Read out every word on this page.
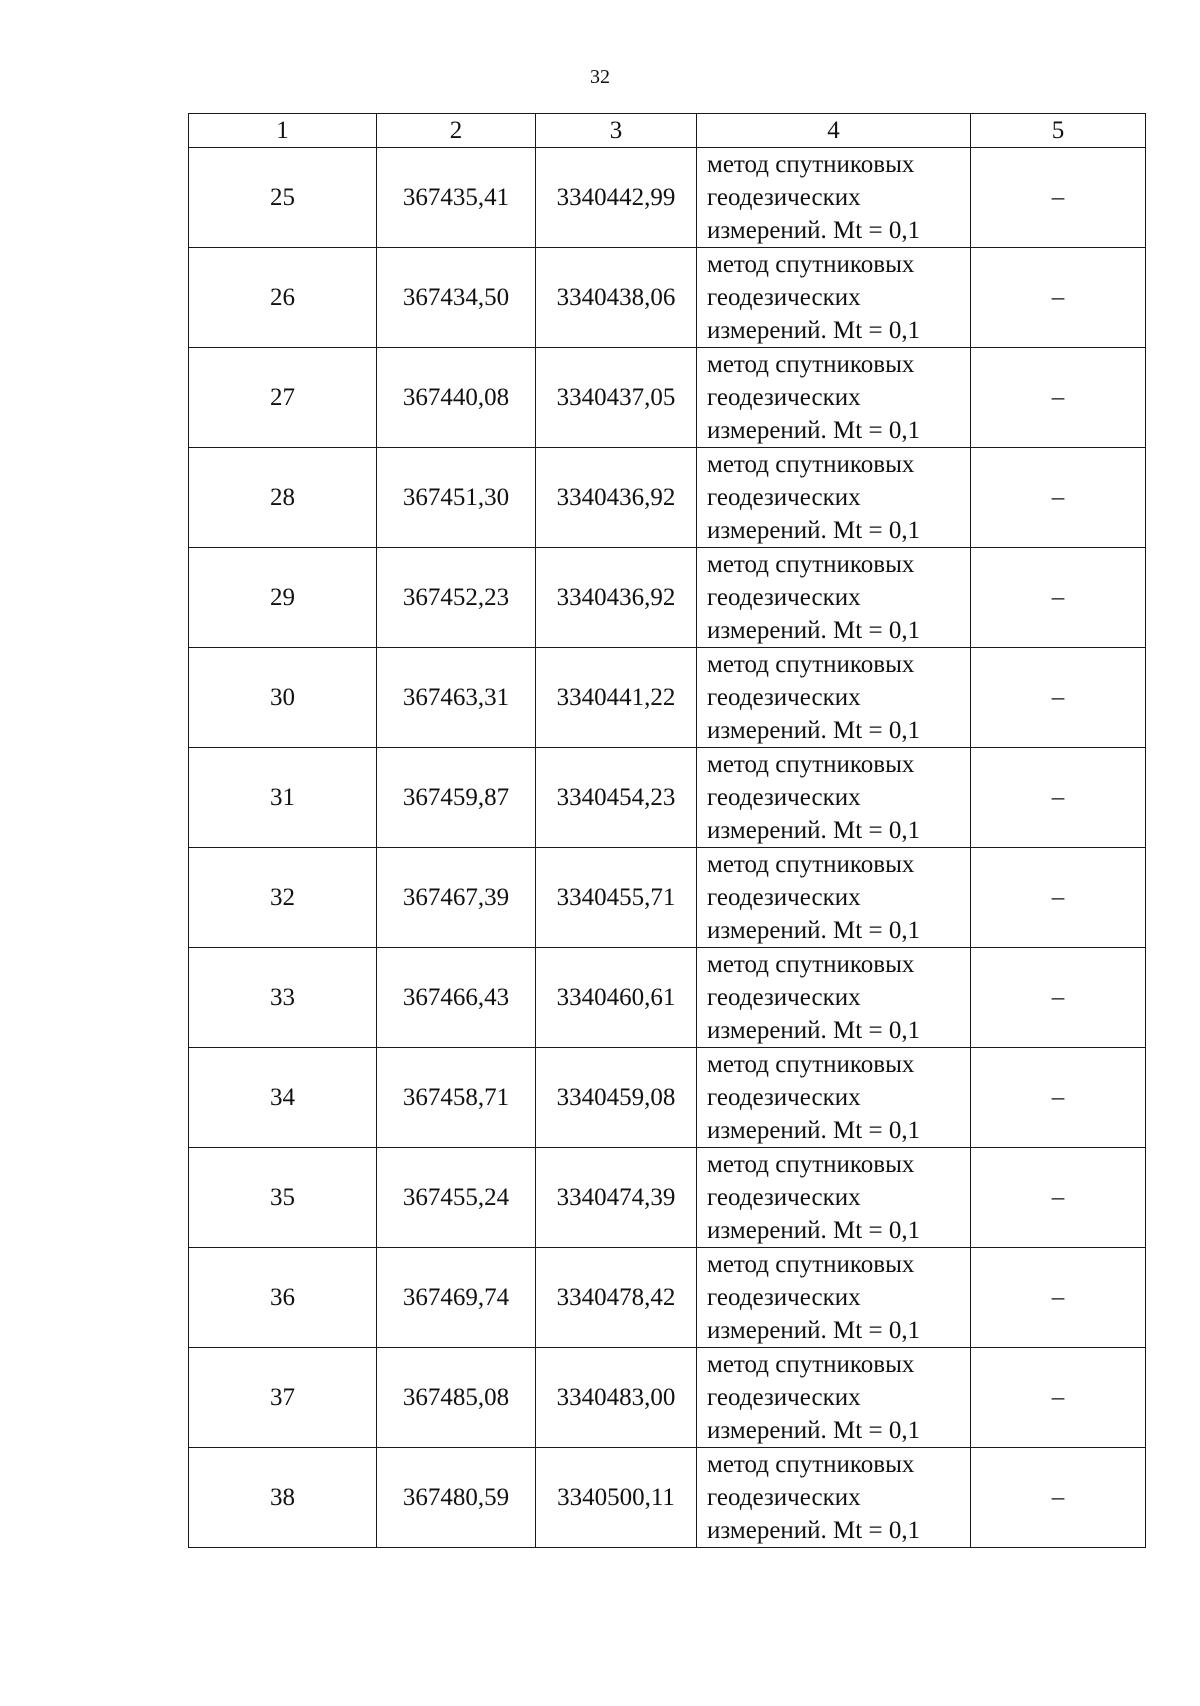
32
1	2	3	4	5
25	367435,41	3340442,99	метод спутниковых
геодезических
измерений. Mt = 0,1	–
26	367434,50	3340438,06	метод спутниковых
геодезических
измерений. Mt = 0,1	–
27	367440,08	3340437,05	метод спутниковых
геодезических
измерений. Mt = 0,1	–
28	367451,30	3340436,92	метод спутниковых
геодезических
измерений. Mt = 0,1	–
29	367452,23	3340436,92	метод спутниковых
геодезических
измерений. Mt = 0,1	–
30	367463,31	3340441,22	метод спутниковых
геодезических
измерений. Mt = 0,1	–
31	367459,87	3340454,23	метод спутниковых
геодезических
измерений. Mt = 0,1	–
32	367467,39	3340455,71	метод спутниковых
геодезических
измерений. Mt = 0,1	–
33	367466,43	3340460,61	метод спутниковых
геодезических
измерений. Mt = 0,1	–
34	367458,71	3340459,08	метод спутниковых
геодезических
измерений. Mt = 0,1	–
35	367455,24	3340474,39	метод спутниковых
геодезических
измерений. Mt = 0,1	–
36	367469,74	3340478,42	метод спутниковых
геодезических
измерений. Mt = 0,1	–
37	367485,08	3340483,00	метод спутниковых
геодезических
измерений. Mt = 0,1	–
38	367480,59	3340500,11	метод спутниковых
геодезических
измерений. Mt = 0,1	–
